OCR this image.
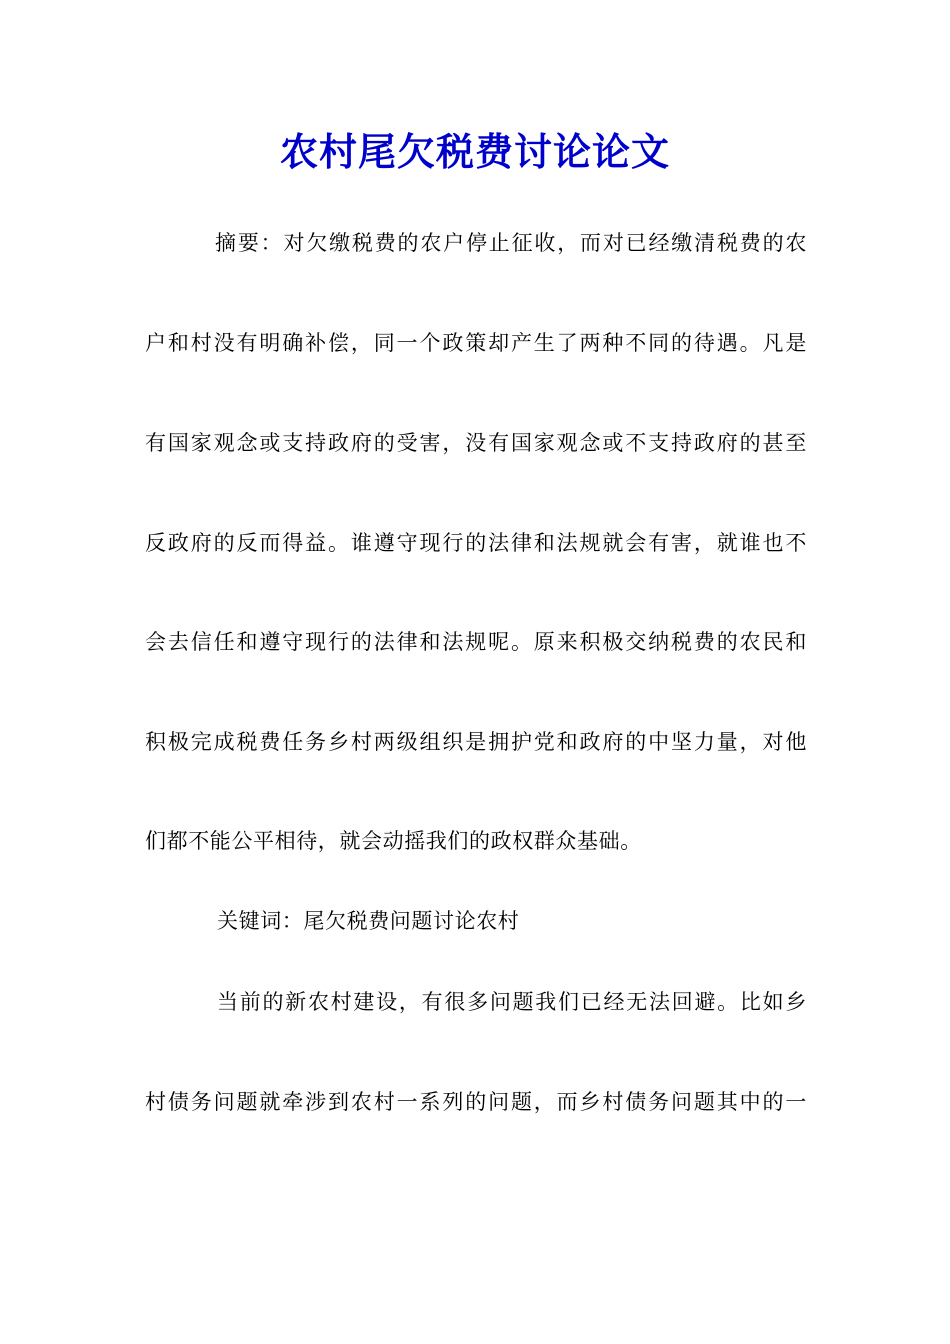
农村尾欠税费讨论论文
摘要：对欠缴税费的农户停止征收，而对已经缴清税费的农
户和村没有明确补偿，同一个政策却产生了两种不同的待遇。凡是
有国家观念或支持政府的受害，没有国家观念或不支持政府的甚至
反政府的反而得益。谁遵守现行的法律和法规就会有害，就谁也不
会去信任和遵守现行的法律和法规呢。原来积极交纳税费的农民和
积极完成税费任务乡村两级组织是拥护党和政府的中坚力量，对他
们都不能公平相待，就会动摇我们的政权群众基础。
关键词：尾欠税费问题讨论农村
当前的新农村建设，有很多问题我们已经无法回避。比如乡
村债务问题就牵涉到农村一系列的问题，而乡村债务问题其中的一
